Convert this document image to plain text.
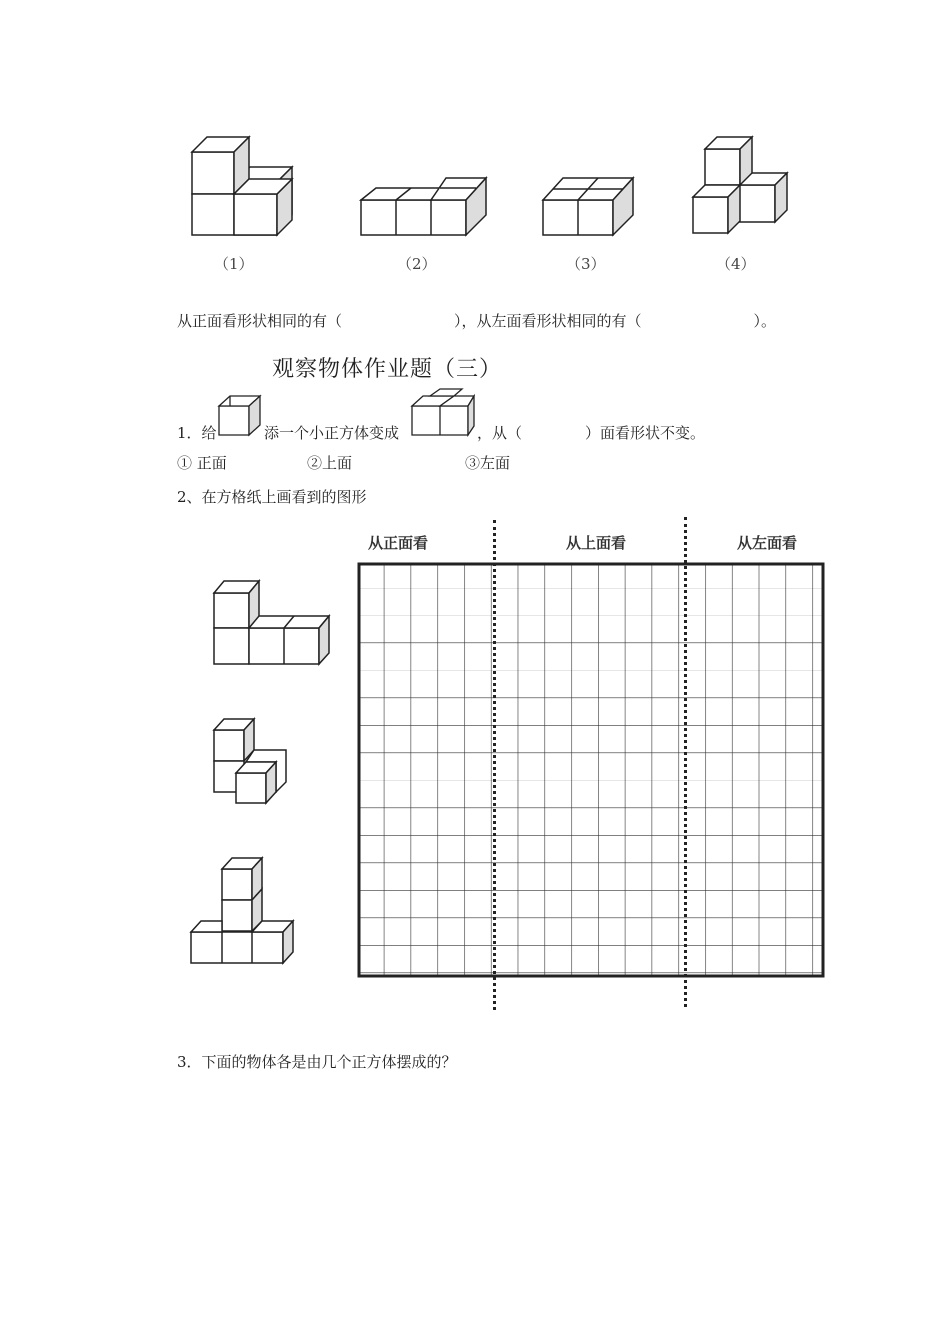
（1）	（2）	（3）	（4）
从正面看形状相同的有（	），从左面看形状相同的有（	）。
观察物体作业题（三）
1．给	添一个小正方体变成	，从（	）面看形状不变。
① 正面	②上面	③左面
2、在方格纸上画看到的图形
从正面看	从上面看	从左面看
3．下面的物体各是由几个正方体摆成的？
